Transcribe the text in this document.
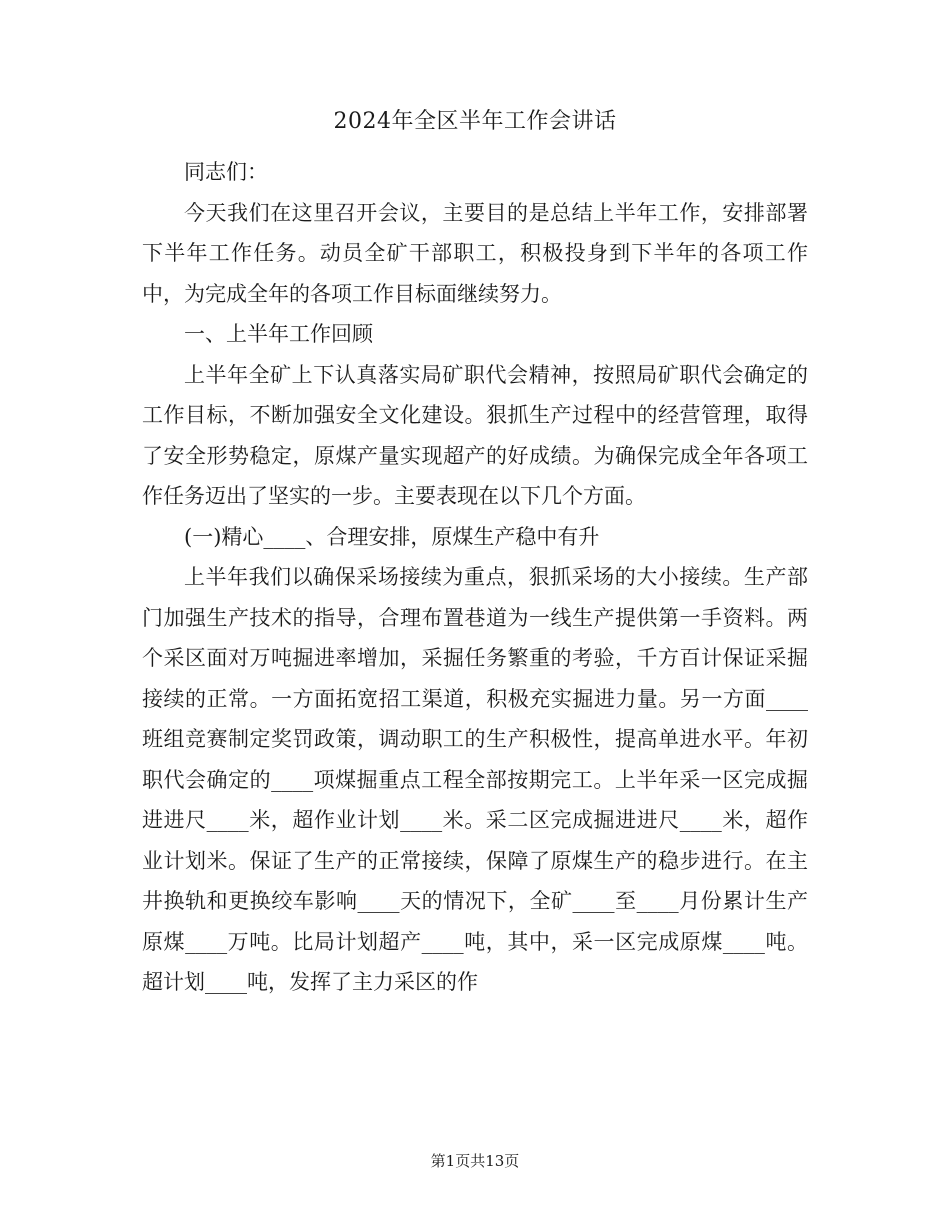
2024年全区半年工作会讲话

同志们：

今天我们在这里召开会议，主要目的是总结上半年工作，安排部署下半年工作任务。动员全矿干部职工，积极投身到下半年的各项工作中，为完成全年的各项工作目标面继续努力。

一、上半年工作回顾

上半年全矿上下认真落实局矿职代会精神，按照局矿职代会确定的工作目标，不断加强安全文化建设。狠抓生产过程中的经营管理，取得了安全形势稳定，原煤产量实现超产的好成绩。为确保完成全年各项工作任务迈出了坚实的一步。主要表现在以下几个方面。

(一)精心____、合理安排，原煤生产稳中有升

上半年我们以确保采场接续为重点，狠抓采场的大小接续。生产部门加强生产技术的指导，合理布置巷道为一线生产提供第一手资料。两个采区面对万吨掘进率增加，采掘任务繁重的考验，千方百计保证采掘接续的正常。一方面拓宽招工渠道，积极充实掘进力量。另一方面____班组竞赛制定奖罚政策，调动职工的生产积极性，提高单进水平。年初职代会确定的____项煤掘重点工程全部按期完工。上半年采一区完成掘进进尺____米，超作业计划____米。采二区完成掘进进尺____米，超作业计划米。保证了生产的正常接续，保障了原煤生产的稳步进行。在主井换轨和更换绞车影响____天的情况下，全矿____至____月份累计生产原煤____万吨。比局计划超产____吨，其中，采一区完成原煤____吨。超计划____吨，发挥了主力采区的作

第1页共13页
